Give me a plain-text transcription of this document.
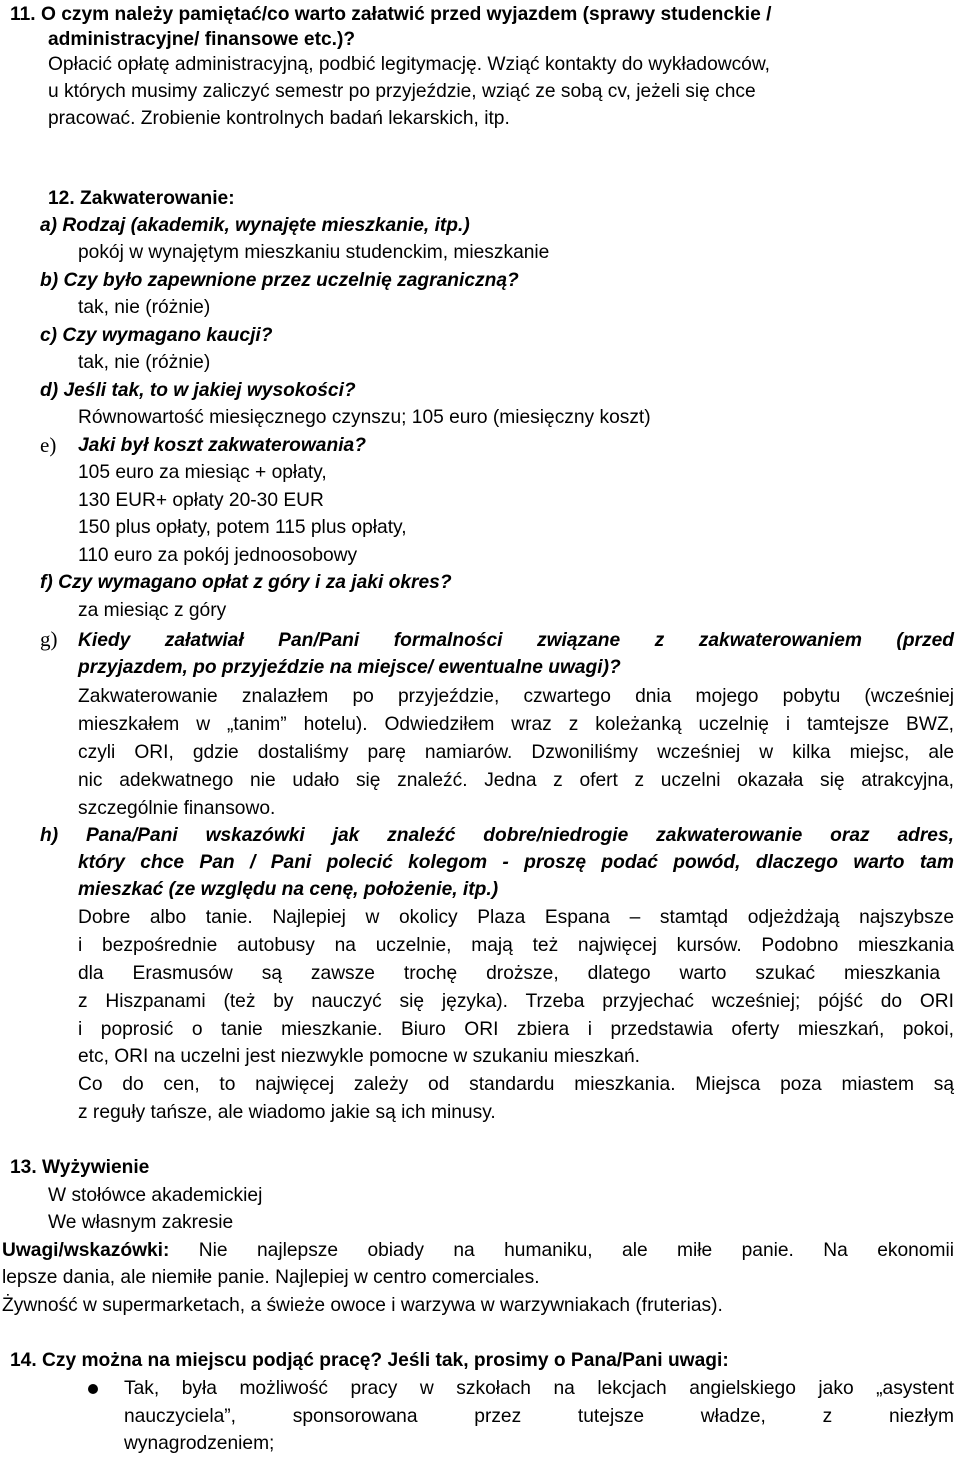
11. O czym należy pamiętać/co warto załatwić przed wyjazdem (sprawy studenckie /
administracyjne/ finansowe etc.)?
Opłacić opłatę administracyjną, podbić legitymację. Wziąć kontakty do wykładowców,
u których musimy zaliczyć semestr po przyjeździe, wziąć ze sobą cv, jeżeli się chce
pracować. Zrobienie kontrolnych badań lekarskich, itp.
12. Zakwaterowanie:
a) Rodzaj (akademik, wynajęte mieszkanie, itp.)
pokój w wynajętym mieszkaniu studenckim, mieszkanie
b) Czy było zapewnione przez uczelnię zagraniczną?
tak, nie (różnie)
c) Czy wymagano kaucji?
tak, nie (różnie)
d) Jeśli tak, to w jakiej wysokości?
Równowartość miesięcznego czynszu; 105 euro (miesięczny koszt)
e) Jaki był koszt zakwaterowania?
105 euro za miesiąc + opłaty,
130 EUR+ opłaty 20-30 EUR
150 plus opłaty, potem 115 plus opłaty,
110 euro za pokój jednoosobowy
f) Czy wymagano opłat z góry i za jaki okres?
za miesiąc z góry
g) Kiedy załatwiał Pan/Pani formalności związane z zakwaterowaniem (przed
przyjazdem, po przyjeździe na miejsce/ ewentualne uwagi)?
Zakwaterowanie znalazłem po przyjeździe, czwartego dnia mojego pobytu (wcześniej
mieszkałem w „tanim” hotelu). Odwiedziłem wraz z koleżanką uczelnię i tamtejsze BWZ,
czyli ORI, gdzie dostaliśmy parę namiarów. Dzwoniliśmy wcześniej w kilka miejsc, ale
nic adekwatnego nie udało się znaleźć. Jedna z ofert z uczelni okazała się atrakcyjna,
szczególnie finansowo.
h) Pana/Pani wskazówki jak znaleźć dobre/niedrogie zakwaterowanie oraz adres,
który chce Pan / Pani polecić kolegom - proszę podać powód, dlaczego warto tam
mieszkać (ze względu na cenę, położenie, itp.)
Dobre albo tanie. Najlepiej w okolicy Plaza Espana – stamtąd odjeżdżają najszybsze
i bezpośrednie autobusy na uczelnie, mają też najwięcej kursów. Podobno mieszkania
dla Erasmusów są zawsze trochę droższe, dlatego warto szukać mieszkania
z Hiszpanami (też by nauczyć się języka). Trzeba przyjechać wcześniej; pójść do ORI
i poprosić o tanie mieszkanie. Biuro ORI zbiera i przedstawia oferty mieszkań, pokoi,
etc, ORI na uczelni jest niezwykle pomocne w szukaniu mieszkań.
Co do cen, to najwięcej zależy od standardu mieszkania. Miejsca poza miastem są
z reguły tańsze, ale wiadomo jakie są ich minusy.
13. Wyżywienie
W stołówce akademickiej
We własnym zakresie
Uwagi/wskazówki: Nie najlepsze obiady na humaniku, ale miłe panie. Na ekonomii
lepsze dania, ale niemiłe panie. Najlepiej w centro comerciales.
Żywność w supermarketach, a świeże owoce i warzywa w warzywniakach (fruterias).
14. Czy można na miejscu podjąć pracę? Jeśli tak, prosimy o Pana/Pani uwagi:
Tak, była możliwość pracy w szkołach na lekcjach angielskiego jako „asystent
nauczyciela”, sponsorowana przez tutejsze władze, z niezłym
wynagrodzeniem;
